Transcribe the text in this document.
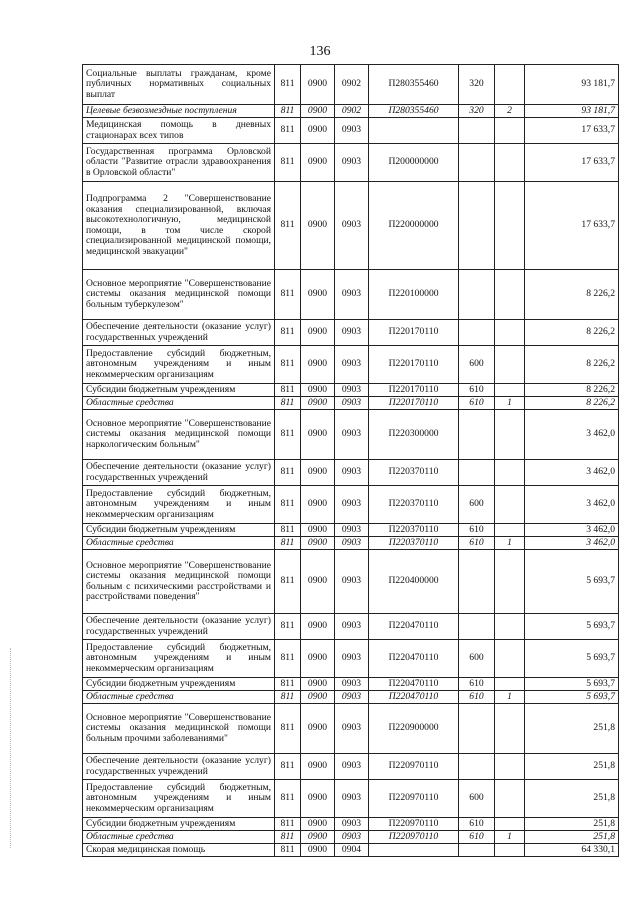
136
Социальные выплаты гражданам, кроме публичных нормативных социальных выплат	811	0900	0902	П280355460	320		93 181,7
Целевые безвозмездные поступления	811	0900	0902	П280355460	320	2	93 181,7
Медицинская помощь в дневных стационарах всех типов	811	0900	0903				17 633,7
Государственная программа Орловской области "Развитие отрасли здравоохранения в Орловской области"	811	0900	0903	П200000000			17 633,7
Подпрограмма 2 "Совершенствование оказания специализированной, включая высокотехнологичную, медицинской помощи, в том числе скорой специализированной медицинской помощи, медицинской эвакуации"	811	0900	0903	П220000000			17 633,7
Основное мероприятие "Совершенствование системы оказания медицинской помощи больным туберкулезом"	811	0900	0903	П220100000			8 226,2
Обеспечение деятельности (оказание услуг) государственных учреждений	811	0900	0903	П220170110			8 226,2
Предоставление субсидий бюджетным, автономным учреждениям и иным некоммерческим организациям	811	0900	0903	П220170110	600		8 226,2
Субсидии бюджетным учреждениям	811	0900	0903	П220170110	610		8 226,2
Областные средства	811	0900	0903	П220170110	610	1	8 226,2
Основное мероприятие "Совершенствование системы оказания медицинской помощи наркологическим больным"	811	0900	0903	П220300000			3 462,0
Обеспечение деятельности (оказание услуг) государственных учреждений	811	0900	0903	П220370110			3 462,0
Предоставление субсидий бюджетным, автономным учреждениям и иным некоммерческим организациям	811	0900	0903	П220370110	600		3 462,0
Субсидии бюджетным учреждениям	811	0900	0903	П220370110	610		3 462,0
Областные средства	811	0900	0903	П220370110	610	1	3 462,0
Основное мероприятие "Совершенствование системы оказания медицинской помощи больным с психическими расстройствами и расстройствами поведения"	811	0900	0903	П220400000			5 693,7
Обеспечение деятельности (оказание услуг) государственных учреждений	811	0900	0903	П220470110			5 693,7
Предоставление субсидий бюджетным, автономным учреждениям и иным некоммерческим организациям	811	0900	0903	П220470110	600		5 693,7
Субсидии бюджетным учреждениям	811	0900	0903	П220470110	610		5 693,7
Областные средства	811	0900	0903	П220470110	610	1	5 693,7
Основное мероприятие "Совершенствование системы оказания медицинской помощи больным прочими заболеваниями"	811	0900	0903	П220900000			251,8
Обеспечение деятельности (оказание услуг) государственных учреждений	811	0900	0903	П220970110			251,8
Предоставление субсидий бюджетным, автономным учреждениям и иным некоммерческим организациям	811	0900	0903	П220970110	600		251,8
Субсидии бюджетным учреждениям	811	0900	0903	П220970110	610		251,8
Областные средства	811	0900	0903	П220970110	610	1	251,8
Скорая медицинская помощь	811	0900	0904				64 330,1
